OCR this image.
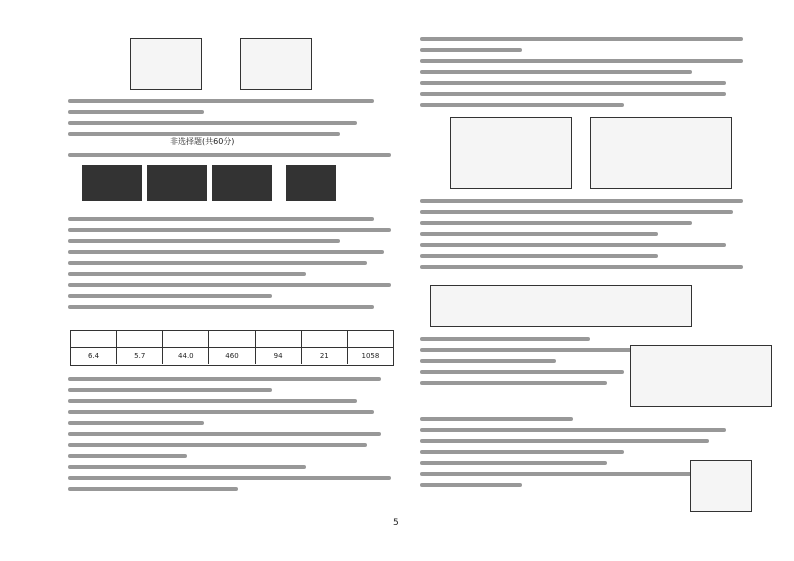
非选择题(共60分)
6.4	5.7	44.0	460	94	21	1058
5
